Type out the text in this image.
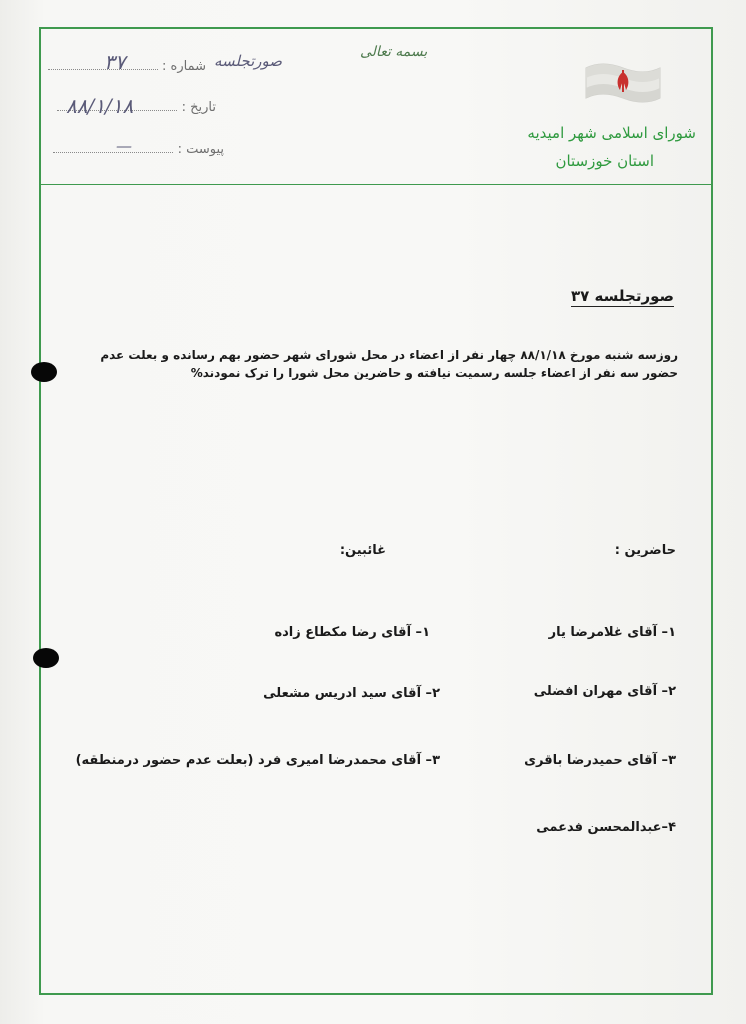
شماره : صورتجلسه
۳۷
تاریخ :
۸۸/۱/۱۸
پیوست :
—
بسمه تعالی
شورای اسلامی شهر امیدیه
استان خوزستان
صورتجلسه ۳۷
روزسه شنبه مورخ ۸۸/۱/۱۸ چهار نفر از اعضاء در محل شورای شهر حضور بهم رسانده و بعلت عدم حضور سه نفر از اعضاء جلسه رسمیت نیافته و حاضرین محل شورا را ترک نمودند%
حاضرین :
غائبین:
۱– آقای غلامرضا یار
۲– آقای مهران افضلی
۳– آقای حمیدرضا باقری
۴–عبدالمحسن فدعمی
۱– آقای رضا مکطاع زاده
۲– آقای سید ادریس مشعلی
۳– آقای محمدرضا امیری فرد (بعلت عدم حضور درمنطقه)
